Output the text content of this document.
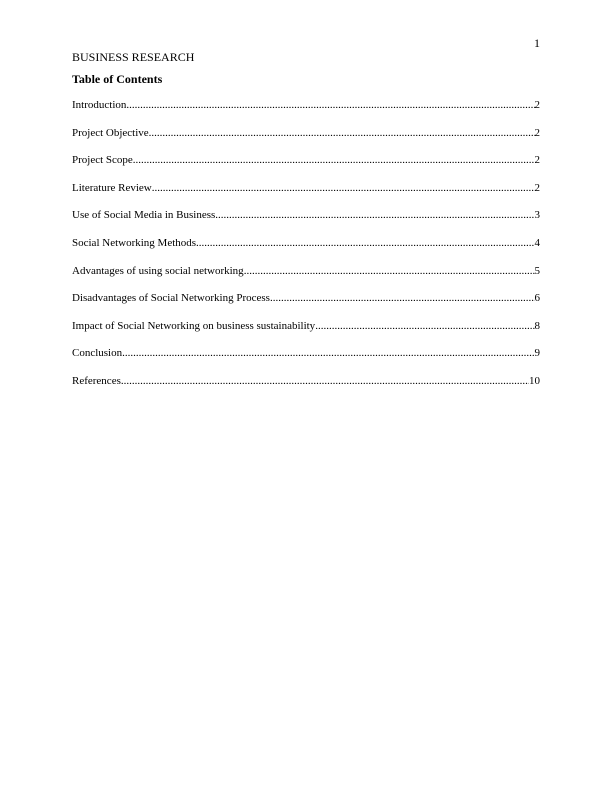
1
BUSINESS RESEARCH
Table of Contents
Introduction .....	2
Project Objective .....	2
Project Scope .....	2
Literature Review .....	2
Use of Social Media in Business .....	3
Social Networking Methods .....	4
Advantages of using social networking .....	5
Disadvantages of Social Networking Process .....	6
Impact of Social Networking on business sustainability .....	8
Conclusion .....	9
References .....	10
